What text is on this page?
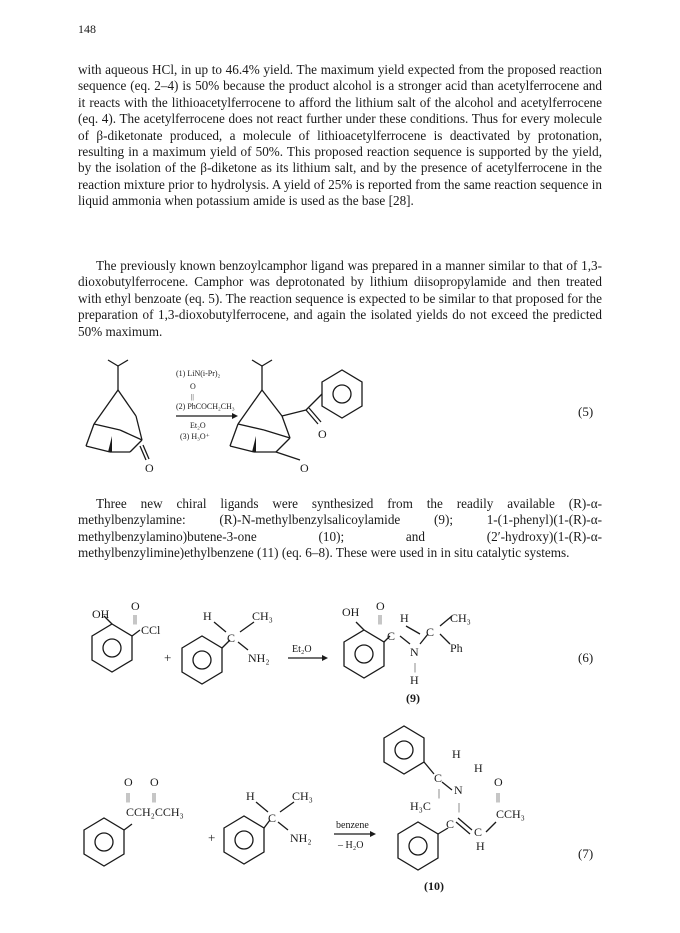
148

with aqueous HCl, in up to 46.4% yield. The maximum yield expected from the proposed reaction sequence (eq. 2–4) is 50% because the product alcohol is a stronger acid than acetylferrocene and it reacts with the lithioacetylferrocene to afford the lithium salt of the alcohol and acetylferrocene (eq. 4). The acetylferrocene does not react further under these conditions. Thus for every molecule of β-diketonate produced, a molecule of lithioacetylferrocene is deactivated by protonation, resulting in a maximum yield of 50%. This proposed reaction sequence is supported by the yield, by the isolation of the β-diketone as its lithium salt, and by the presence of acetylferrocene in the reaction mixture prior to hydrolysis. A yield of 25% is reported from the same reaction sequence in liquid ammonia when potassium amide is used as the base [28].

The previously known benzoylcamphor ligand was prepared in a manner similar to that of 1,3-dioxobutylferrocene. Camphor was deprotonated by lithium diisopropylamide and then treated with ethyl benzoate (eq. 5). The reaction sequence is expected to be similar to that proposed for the preparation of 1,3-dioxobutylferrocene, and again the isolated yields do not exceed the predicted 50% maximum.

O
(1) LiN(i-Pr)₂
O
||
(2) PhCOCH₂CH₃
Et₂O
(3) H₃O⁺	O
O
(5)

Three new chiral ligands were synthesized from the readily available (R)-α-methylbenzylamine: (R)-N-methylbenzylsalicoylamide (9); 1-(1-phenyl)(1-(R)-α-methylbenzylamino)butene-3-one (10); and (2′-hydroxy)(1-(R)-α-methylbenzylimine)ethylbenzene (11) (eq. 6–8). These were used in in situ catalytic systems.

OH
O
||
CCl
+
H
C
CH₃
NH₂
Et₂O
OH O
||
C
H
C
CH₃
N	Ph
|
H
(9)
(6)
O O
|| ||
CCH₂CCH₃
+
H
C
CH₃
NH₂
benzene
– H₂O
H
C
H
N
|
H₃C	|
O
||
C
CCH₃
C
H
(10)
(7)
